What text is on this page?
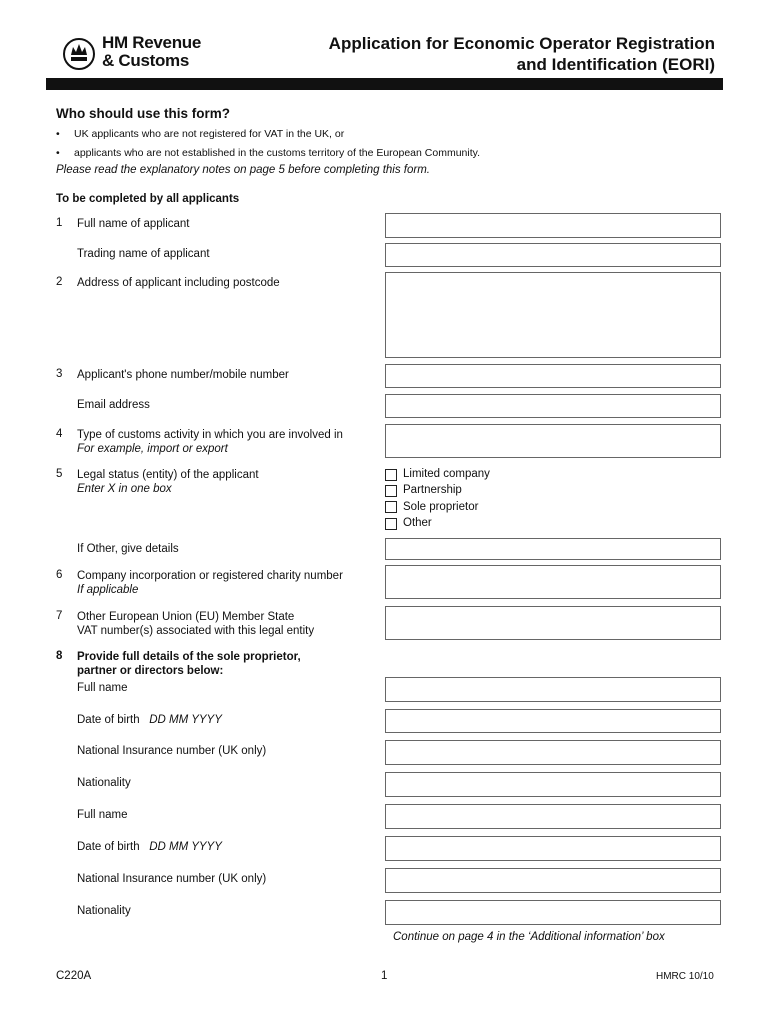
HM Revenue
& Customs
Application for Economic Operator Registration
and Identification (EORI)
Who should use this form?
• UK applicants who are not registered for VAT in the UK, or
• applicants who are not established in the customs territory of the European Community.
Please read the explanatory notes on page 5 before completing this form.
To be completed by all applicants
1 Full name of applicant
Trading name of applicant
2 Address of applicant including postcode
3 Applicant's phone number/mobile number
Email address
4 Type of customs activity in which you are involved in
For example, import or export
5 Legal status (entity) of the applicant
Enter X in one box
Limited company
Partnership
Sole proprietor
Other
If Other, give details
6 Company incorporation or registered charity number
If applicable
7 Other European Union (EU) Member State
VAT number(s) associated with this legal entity
8 Provide full details of the sole proprietor,
partner or directors below:
Full name
Date of birth DD MM YYYY
National Insurance number (UK only)
Nationality
Full name
Date of birth DD MM YYYY
National Insurance number (UK only)
Nationality
Continue on page 4 in the ‘Additional information’ box
C220A	1	HMRC 10/10
